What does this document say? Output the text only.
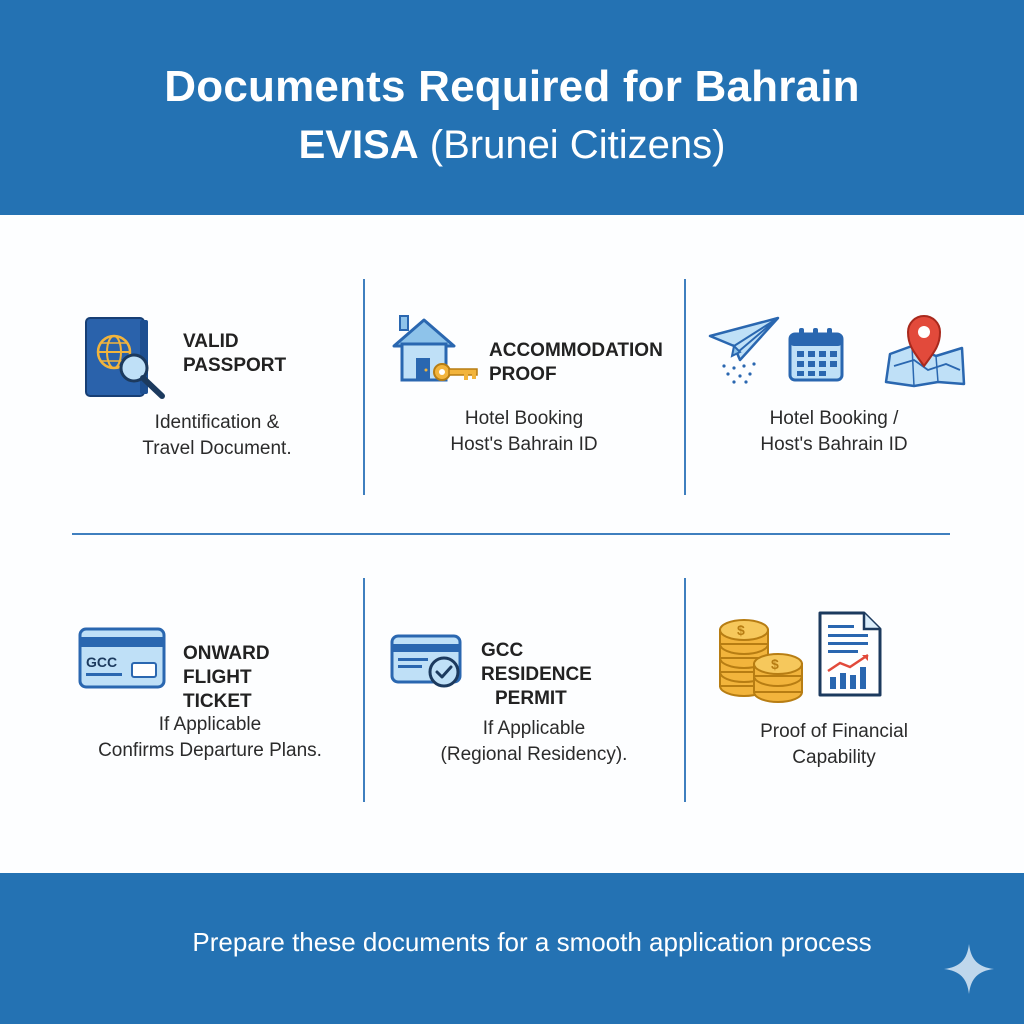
Documents Required for Bahrain
EVISA (Brunei Citizens)
VALID
PASSPORT
Identification &
Travel Document.
ACCOMMODATION
PROOF
Hotel Booking
Host's Bahrain ID
Hotel Booking /
Host's Bahrain ID
GCC	ONWARD FLIGHT
TICKET
If Applicable
Confirms Departure Plans.
GCC RESIDENCE
PERMIT
If Applicable
(Regional Residency).
$
$
Proof of Financial
Capability
Prepare these documents for a smooth application process
